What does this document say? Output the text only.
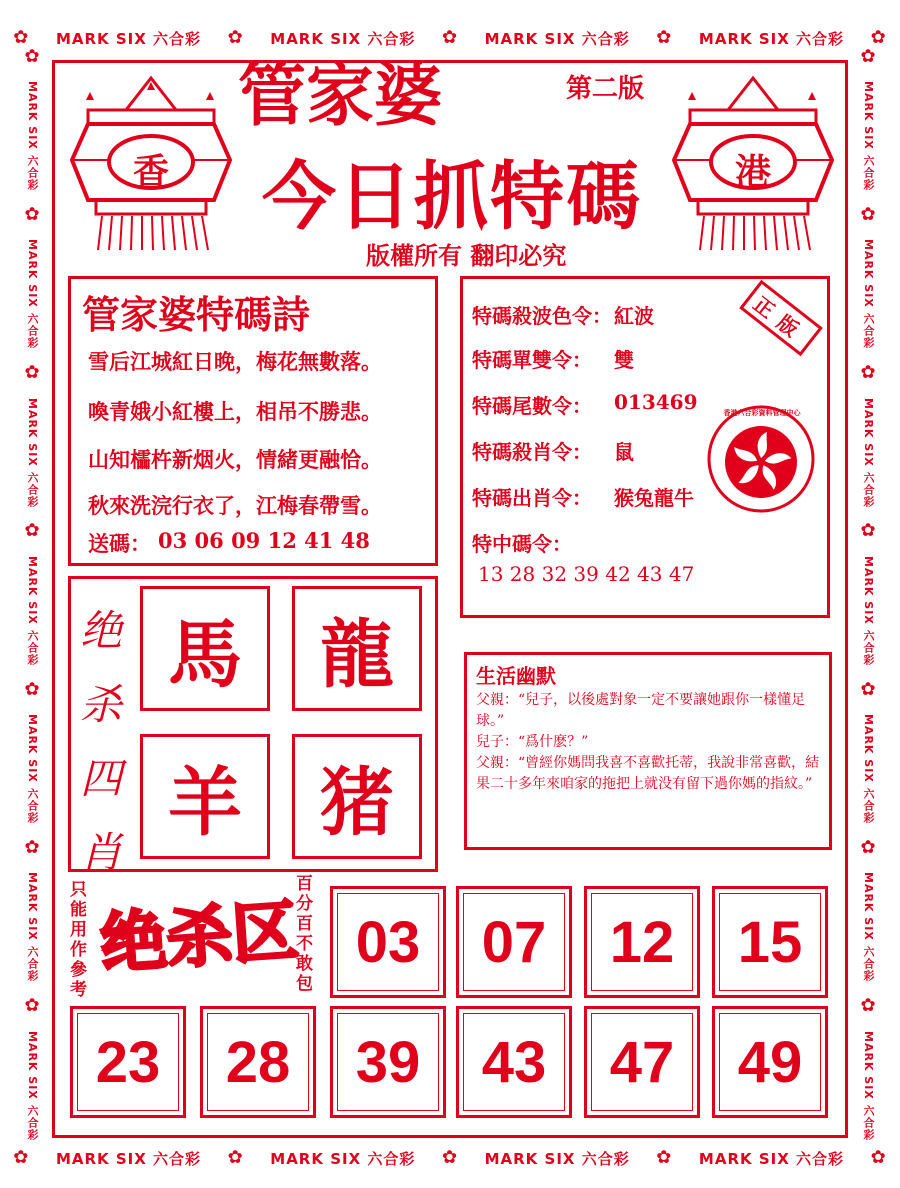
✿ MARK SIX 六合彩 ✿ MARK SIX 六合彩 ✿ MARK SIX 六合彩 ✿ MARK SIX 六合彩 ✿
✿ MARK SIX 六合彩 ✿ MARK SIX 六合彩 ✿ MARK SIX 六合彩 ✿ MARK SIX 六合彩 ✿
✿
MARK SIX 六合彩
✿
MARK SIX 六合彩
✿
MARK SIX 六合彩
✿
MARK SIX 六合彩
✿
MARK SIX 六合彩
✿
MARK SIX 六合彩
✿
MARK SIX 六合彩
✿
MARK SIX 六合彩
✿
MARK SIX 六合彩
✿
MARK SIX 六合彩
✿
MARK SIX 六合彩
✿
MARK SIX 六合彩
✿
MARK SIX 六合彩
✿
MARK SIX 六合彩
香	港
管家婆	第二版
今日抓特碼
版權所有 翻印必究
管家婆特碼詩
雪后江城紅日晚，梅花無數落。
喚青娥小紅樓上，相吊不勝悲。
山知櫺杵新烟火，情緒更融恰。
秋來洗浣行衣了，江梅春帶雪。
送碼： 03 06 09 12 41 48
特碼殺波色令： 紅波
特碼單雙令： 雙
特碼尾數令： 013469
特碼殺肖令： 鼠
特碼出肖令： 猴兔龍牛
特中碼令：
13 28 32 39 42 43 47
正版
香港六合彩資料管理中心
绝
杀
四
肖
馬	龍
羊	猪
生活幽默
父親：“兒子，以後處對象一定不要讓她跟你一樣懂足球。”
兒子：“爲什麽？”
父親：“曾經你媽問我喜不喜歡托蒂，我說非常喜歡，結果二十多年來咱家的拖把上就没有留下過你媽的指紋。”
只能用作參考
绝杀区
百分百不敢包
03	07	12	15
23	28	39	43	47	49
